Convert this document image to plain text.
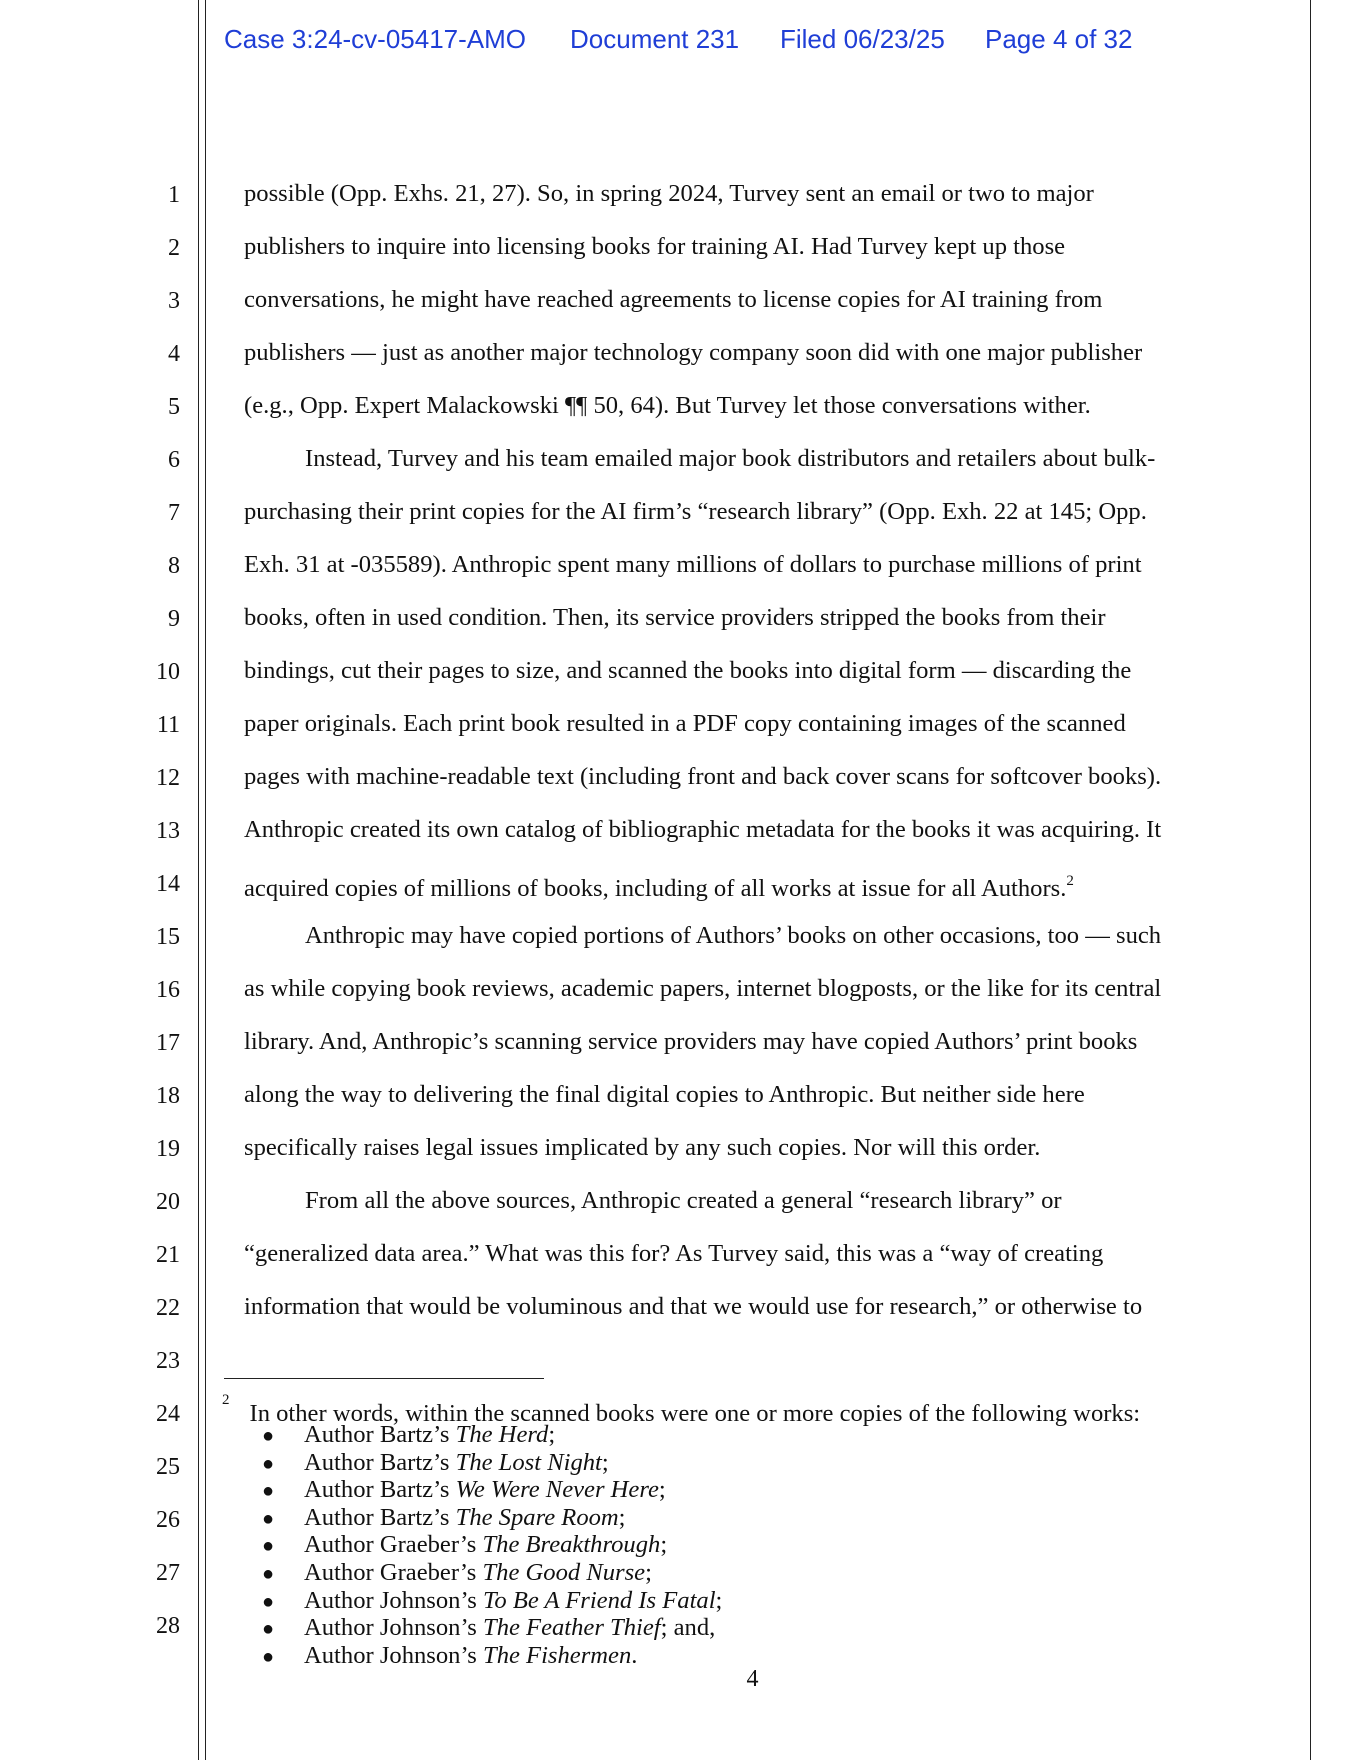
Case 3:24-cv-05417-AMO Document 231 Filed 06/23/25 Page 4 of 32
1
2
3
4
5
6
7
8
9
10
11
12
13
14
15
16
17
18
19
20
21
22
23
24
25
26
27
28
possible (Opp. Exhs. 21, 27). So, in spring 2024, Turvey sent an email or two to major
publishers to inquire into licensing books for training AI. Had Turvey kept up those
conversations, he might have reached agreements to license copies for AI training from
publishers — just as another major technology company soon did with one major publisher
(e.g., Opp. Expert Malackowski ¶¶ 50, 64). But Turvey let those conversations wither.
Instead, Turvey and his team emailed major book distributors and retailers about bulk-
purchasing their print copies for the AI firm’s “research library” (Opp. Exh. 22 at 145; Opp.
Exh. 31 at -035589). Anthropic spent many millions of dollars to purchase millions of print
books, often in used condition. Then, its service providers stripped the books from their
bindings, cut their pages to size, and scanned the books into digital form — discarding the
paper originals. Each print book resulted in a PDF copy containing images of the scanned
pages with machine-readable text (including front and back cover scans for softcover books).
Anthropic created its own catalog of bibliographic metadata for the books it was acquiring. It
acquired copies of millions of books, including of all works at issue for all Authors.$^2$
Anthropic may have copied portions of Authors’ books on other occasions, too — such
as while copying book reviews, academic papers, internet blogposts, or the like for its central
library. And, Anthropic’s scanning service providers may have copied Authors’ print books
along the way to delivering the final digital copies to Anthropic. But neither side here
specifically raises legal issues implicated by any such copies. Nor will this order.
From all the above sources, Anthropic created a general “research library” or
“generalized data area.” What was this for? As Turvey said, this was a “way of creating
information that would be voluminous and that we would use for research,” or otherwise to
$^2$In other words, within the scanned books were one or more copies of the following works:
● Author Bartz’s The Herd;
● Author Bartz’s The Lost Night;
● Author Bartz’s We Were Never Here;
● Author Bartz’s The Spare Room;
● Author Graeber’s The Breakthrough;
● Author Graeber’s The Good Nurse;
● Author Johnson’s To Be A Friend Is Fatal;
● Author Johnson’s The Feather Thief; and,
● Author Johnson’s The Fishermen.
4
